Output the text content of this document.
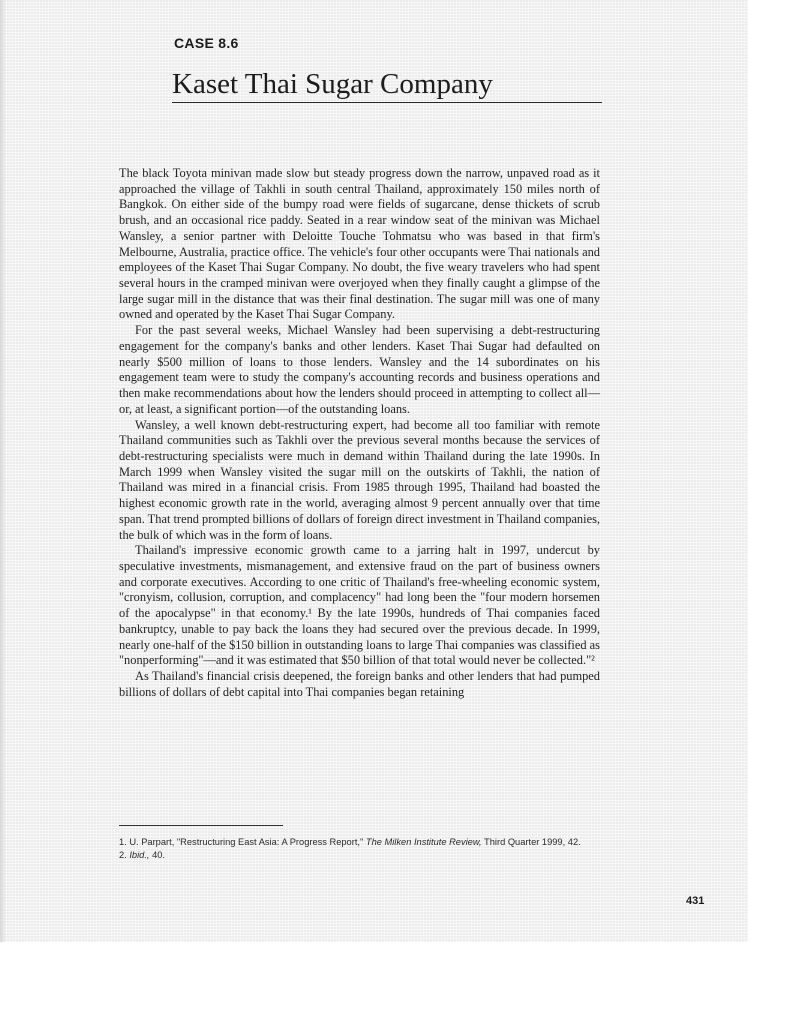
CASE 8.6
Kaset Thai Sugar Company

The black Toyota minivan made slow but steady progress down the narrow, unpaved road as it approached the village of Takhli in south central Thailand, approximately 150 miles north of Bangkok. On either side of the bumpy road were fields of sugarcane, dense thickets of scrub brush, and an occasional rice paddy. Seated in a rear window seat of the minivan was Michael Wansley, a senior partner with Deloitte Touche Tohmatsu who was based in that firm's Melbourne, Australia, practice office. The vehicle's four other occupants were Thai nationals and employees of the Kaset Thai Sugar Company. No doubt, the five weary travelers who had spent several hours in the cramped minivan were overjoyed when they finally caught a glimpse of the large sugar mill in the distance that was their final destination. The sugar mill was one of many owned and operated by the Kaset Thai Sugar Company.

For the past several weeks, Michael Wansley had been supervising a debt-restructuring engagement for the company's banks and other lenders. Kaset Thai Sugar had defaulted on nearly $500 million of loans to those lenders. Wansley and the 14 subordinates on his engagement team were to study the company's accounting records and business operations and then make recommendations about how the lenders should proceed in attempting to collect all—or, at least, a significant portion—of the outstanding loans.

Wansley, a well known debt-restructuring expert, had become all too familiar with remote Thailand communities such as Takhli over the previous several months because the services of debt-restructuring specialists were much in demand within Thailand during the late 1990s. In March 1999 when Wansley visited the sugar mill on the outskirts of Takhli, the nation of Thailand was mired in a financial crisis. From 1985 through 1995, Thailand had boasted the highest economic growth rate in the world, averaging almost 9 percent annually over that time span. That trend prompted billions of dollars of foreign direct investment in Thailand companies, the bulk of which was in the form of loans.

Thailand's impressive economic growth came to a jarring halt in 1997, undercut by speculative investments, mismanagement, and extensive fraud on the part of business owners and corporate executives. According to one critic of Thailand's free-wheeling economic system, "cronyism, collusion, corruption, and complacency" had long been the "four modern horsemen of the apocalypse" in that economy.¹ By the late 1990s, hundreds of Thai companies faced bankruptcy, unable to pay back the loans they had secured over the previous decade. In 1999, nearly one-half of the $150 billion in outstanding loans to large Thai companies was classified as "nonperforming"—and it was estimated that $50 billion of that total would never be collected."²

As Thailand's financial crisis deepened, the foreign banks and other lenders that had pumped billions of dollars of debt capital into Thai companies began retaining

1. U. Parpart, "Restructuring East Asia: A Progress Report," The Milken Institute Review, Third Quarter 1999, 42.

2. Ibid., 40.

431
